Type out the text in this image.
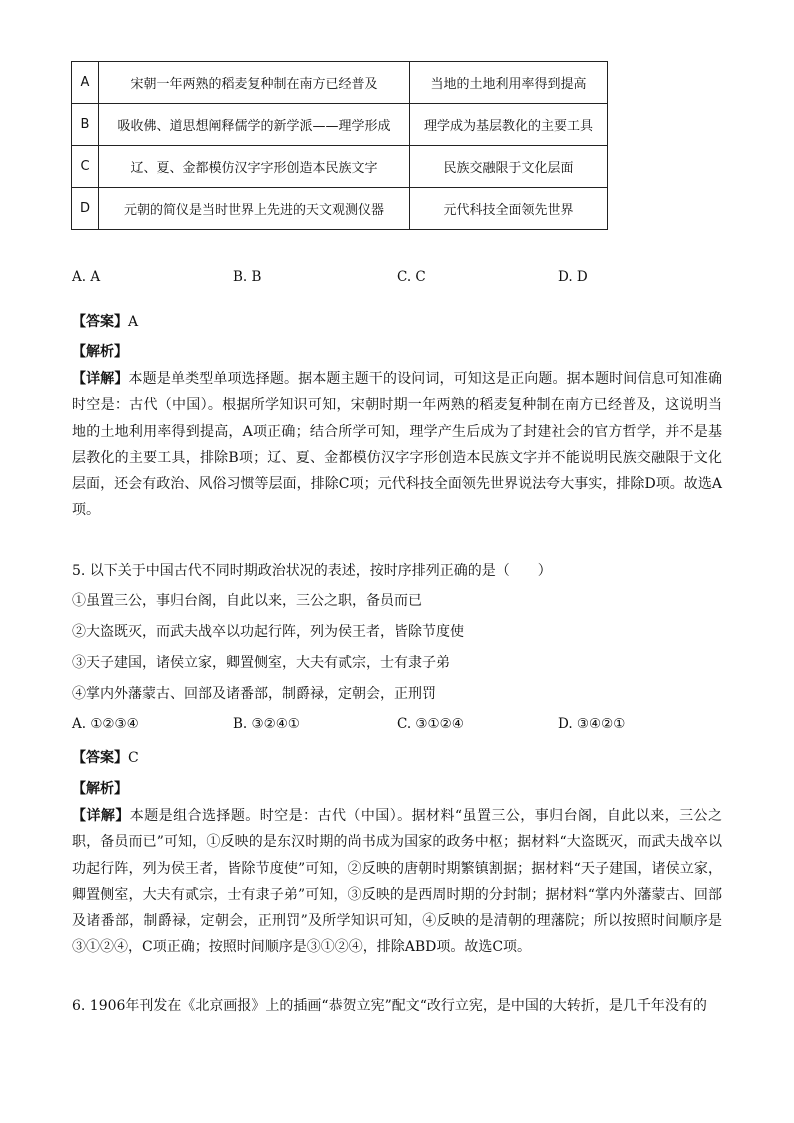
A	宋朝一年两熟的稻麦复种制在南方已经普及	当地的土地利用率得到提高
B	吸收佛、道思想阐释儒学的新学派——理学形成	理学成为基层教化的主要工具
C	辽、夏、金都模仿汉字字形创造本民族文字	民族交融限于文化层面
D	元朝的简仪是当时世界上先进的天文观测仪器	元代科技全面领先世界
A. A	B. B	C. C	D. D
【答案】A
【解析】
【详解】本题是单类型单项选择题。据本题主题干的设问词，可知这是正向题。据本题时间信息可知准确时空是：古代（中国）。根据所学知识可知，宋朝时期一年两熟的稻麦复种制在南方已经普及，这说明当地的土地利用率得到提高，A项正确；结合所学可知，理学产生后成为了封建社会的官方哲学，并不是基层教化的主要工具，排除B项；辽、夏、金都模仿汉字字形创造本民族文字并不能说明民族交融限于文化层面，还会有政治、风俗习惯等层面，排除C项；元代科技全面领先世界说法夸大事实，排除D项。故选A项。
5. 以下关于中国古代不同时期政治状况的表述，按时序排列正确的是（　　）
①虽置三公，事归台阁，自此以来，三公之职，备员而已
②大盗既灭，而武夫战卒以功起行阵，列为侯王者，皆除节度使
③天子建国，诸侯立家，卿置侧室，大夫有贰宗，士有隶子弟
④掌内外藩蒙古、回部及诸番部，制爵禄，定朝会，正刑罚
A. ①②③④	B. ③②④①	C. ③①②④	D. ③④②①
【答案】C
【解析】
【详解】本题是组合选择题。时空是：古代（中国）。据材料“虽置三公，事归台阁，自此以来，三公之职，备员而已”可知，①反映的是东汉时期的尚书成为国家的政务中枢；据材料“大盗既灭，而武夫战卒以功起行阵，列为侯王者，皆除节度使”可知，②反映的唐朝时期繁镇割据；据材料“天子建国，诸侯立家，卿置侧室，大夫有贰宗，士有隶子弟”可知，③反映的是西周时期的分封制；据材料“掌内外藩蒙古、回部及诸番部，制爵禄，定朝会，正刑罚”及所学知识可知，④反映的是清朝的理藩院；所以按照时间顺序是③①②④，C项正确；按照时间顺序是③①②④，排除ABD项。故选C项。
6. 1906年刊发在《北京画报》上的插画“恭贺立宪”配文“改行立宪，是中国的大转折，是几千年没有的
